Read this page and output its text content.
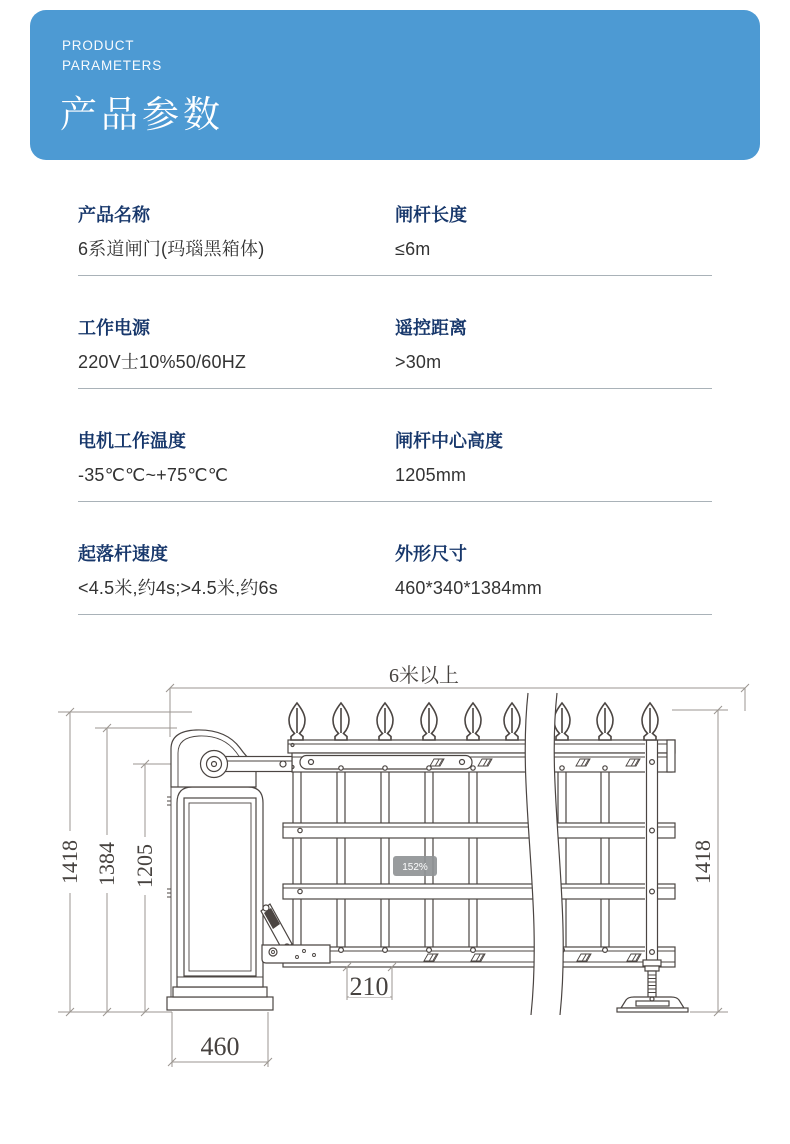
PRODUCT
PARAMETERS
产品参数
产品名称
6系道闸门(玛瑙黑箱体)
闸杆长度
≤6m
工作电源
220V士10%50/60HZ
遥控距离
>30m
电机工作温度
-35℃℃~+75℃℃
闸杆中心高度
1205mm
起落杆速度
<4.5米,约4s;>4.5米,约6s
外形尺寸
460*340*1384mm
152%
6米以上
1418 1384 1205	1418
460
210
